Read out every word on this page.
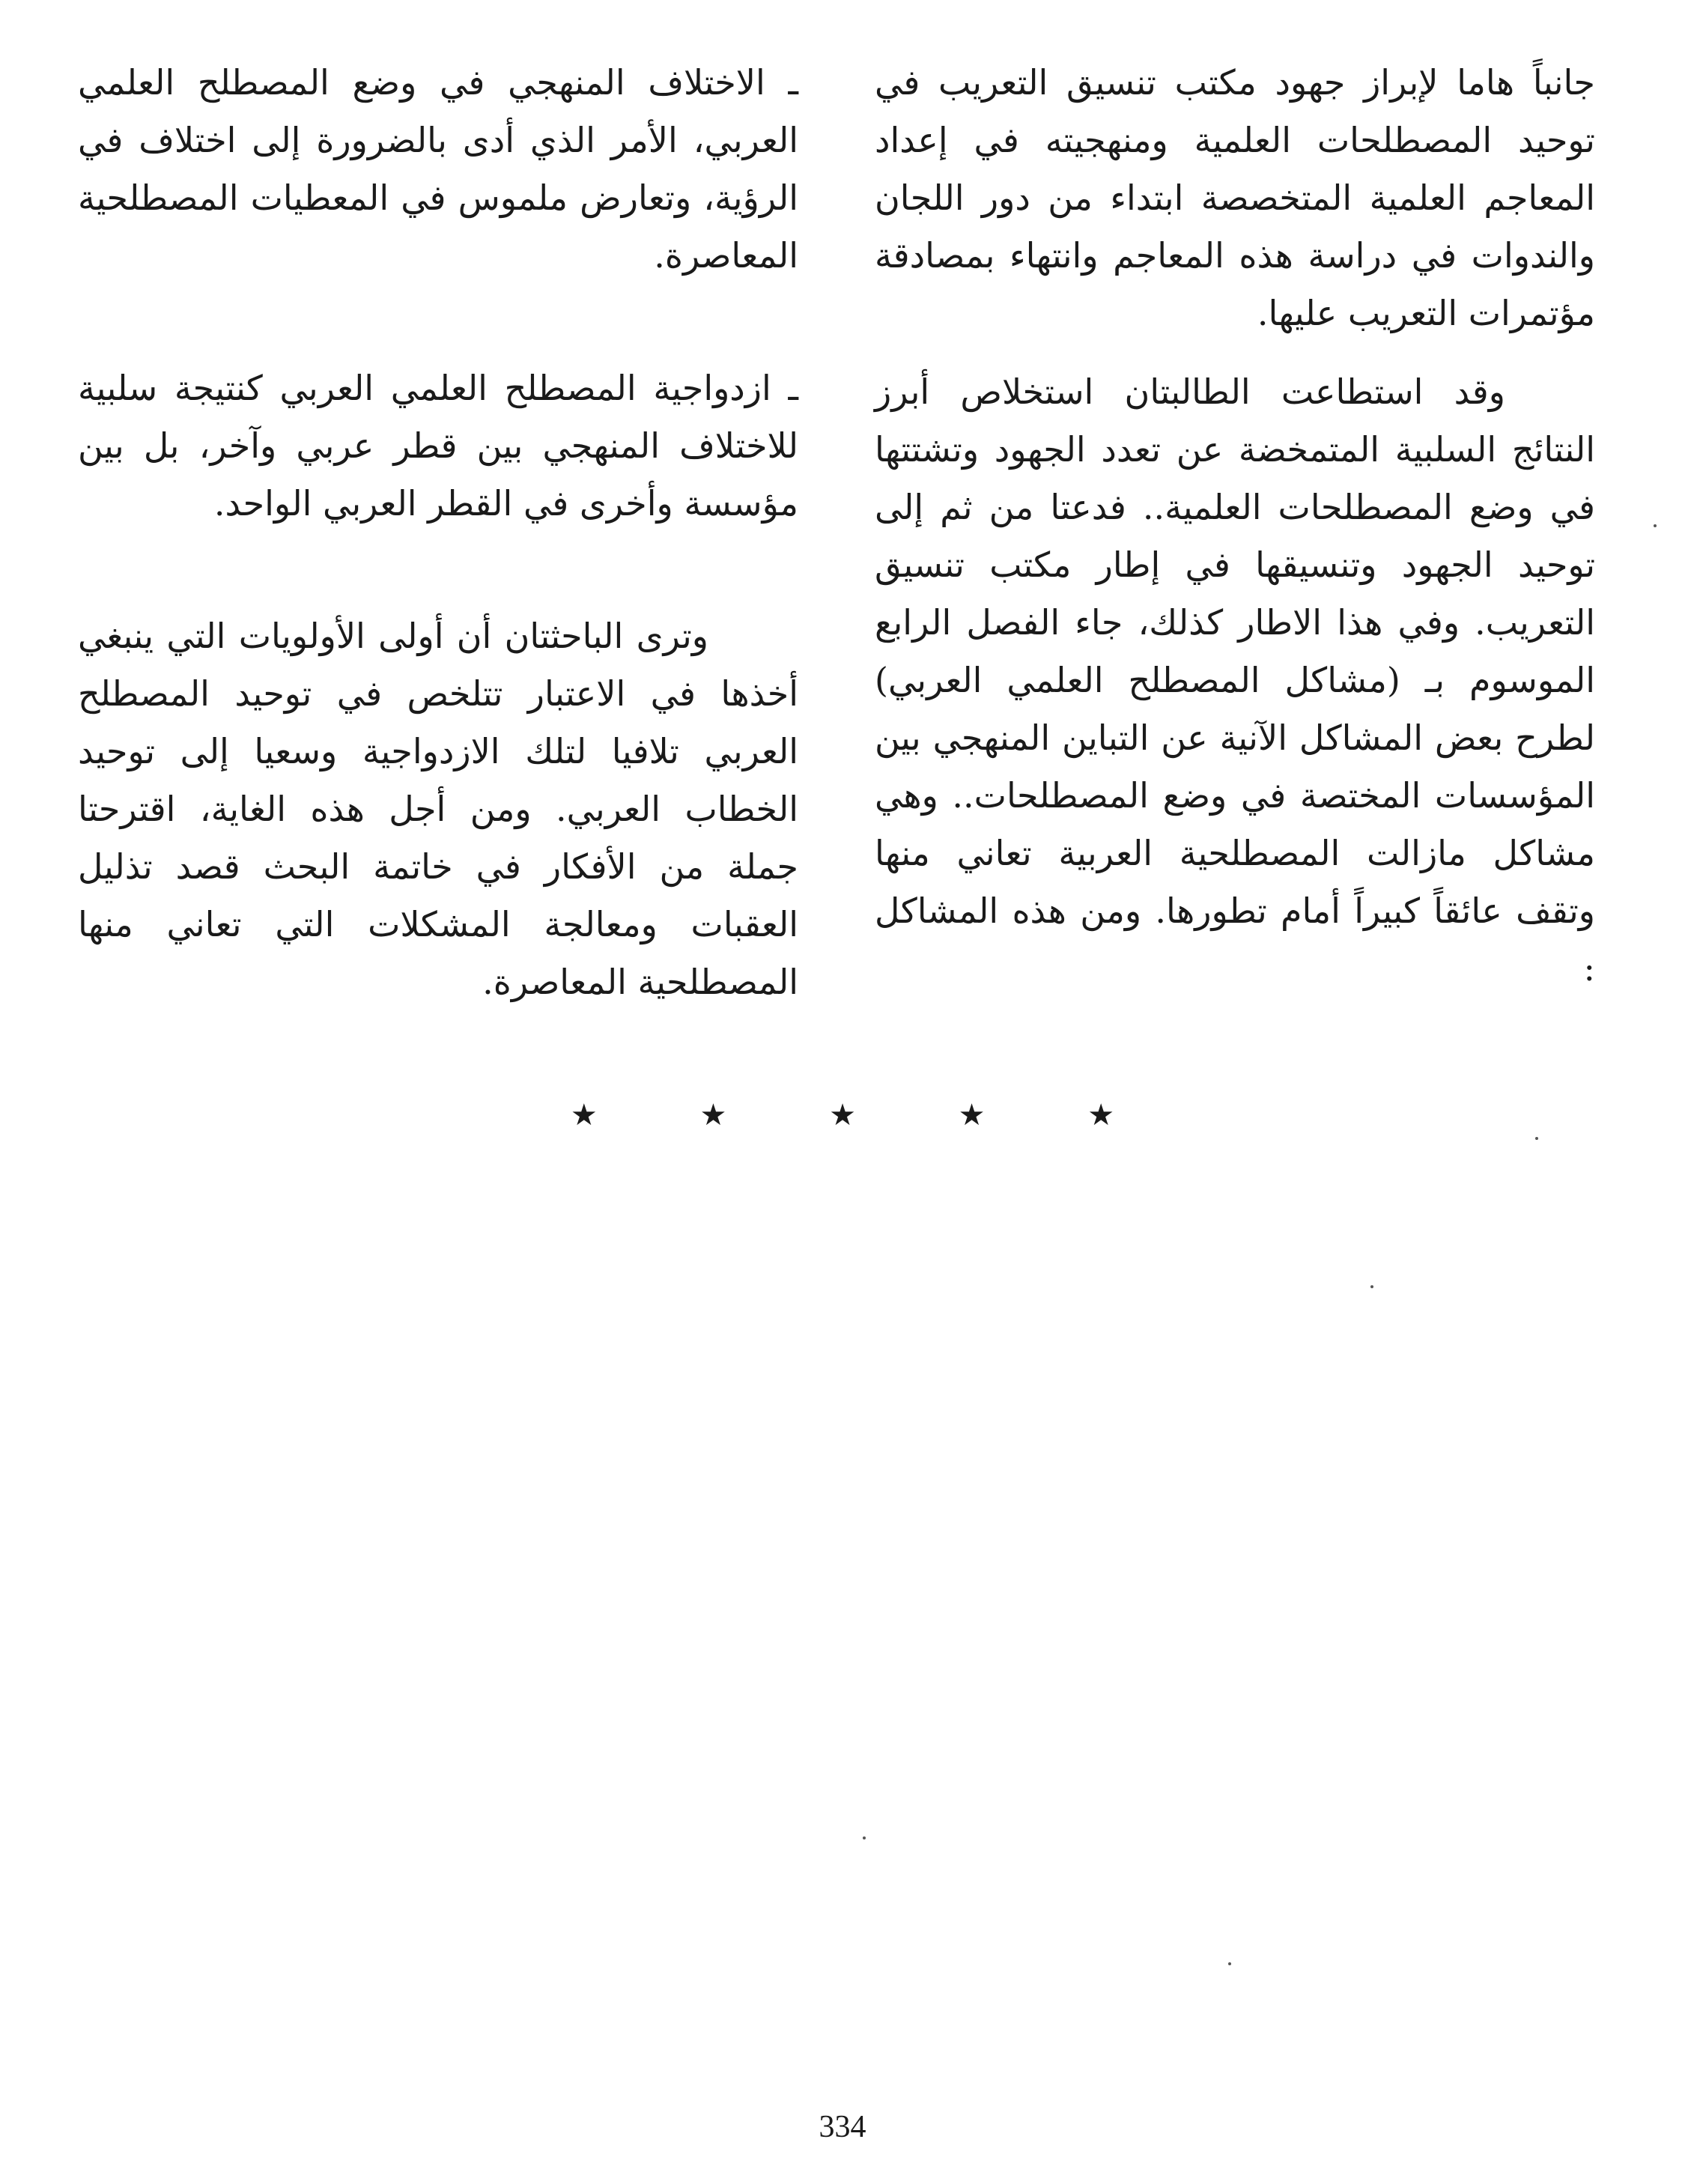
جانباً هاما لإبراز جهود مكتب تنسيق التعريب في توحيد المصطلحات العلمية ومنهجيته في إعداد المعاجم العلمية المتخصصة ابتداء من دور اللجان والندوات في دراسة هذه المعاجم وانتهاء بمصادقة مؤتمرات التعريب عليها.

وقد استطاعت الطالبتان استخلاص أبرز النتائج السلبية المتمخضة عن تعدد الجهود وتشتتها في وضع المصطلحات العلمية.. فدعتا من ثم إلى توحيد الجهود وتنسيقها في إطار مكتب تنسيق التعريب. وفي هذا الاطار كذلك، جاء الفصل الرابع الموسوم بـ (مشاكل المصطلح العلمي العربي) لطرح بعض المشاكل الآنية عن التباين المنهجي بين المؤسسات المختصة في وضع المصطلحات.. وهي مشاكل مازالت المصطلحية العربية تعاني منها وتقف عائقاً كبيراً أمام تطورها. ومن هذه المشاكل :

ـ الاختلاف المنهجي في وضع المصطلح العلمي العربي، الأمر الذي أدى بالضرورة إلى اختلاف في الرؤية، وتعارض ملموس في المعطيات المصطلحية المعاصرة.

ـ ازدواجية المصطلح العلمي العربي كنتيجة سلبية للاختلاف المنهجي بين قطر عربي وآخر، بل بين مؤسسة وأخرى في القطر العربي الواحد.

وترى الباحثتان أن أولى الأولويات التي ينبغي أخذها في الاعتبار تتلخص في توحيد المصطلح العربي تلافيا لتلك الازدواجية وسعيا إلى توحيد الخطاب العربي. ومن أجل هذه الغاية، اقترحتا جملة من الأفكار في خاتمة البحث قصد تذليل العقبات ومعالجة المشكلات التي تعاني منها المصطلحية المعاصرة.

★ ★ ★ ★ ★
334
